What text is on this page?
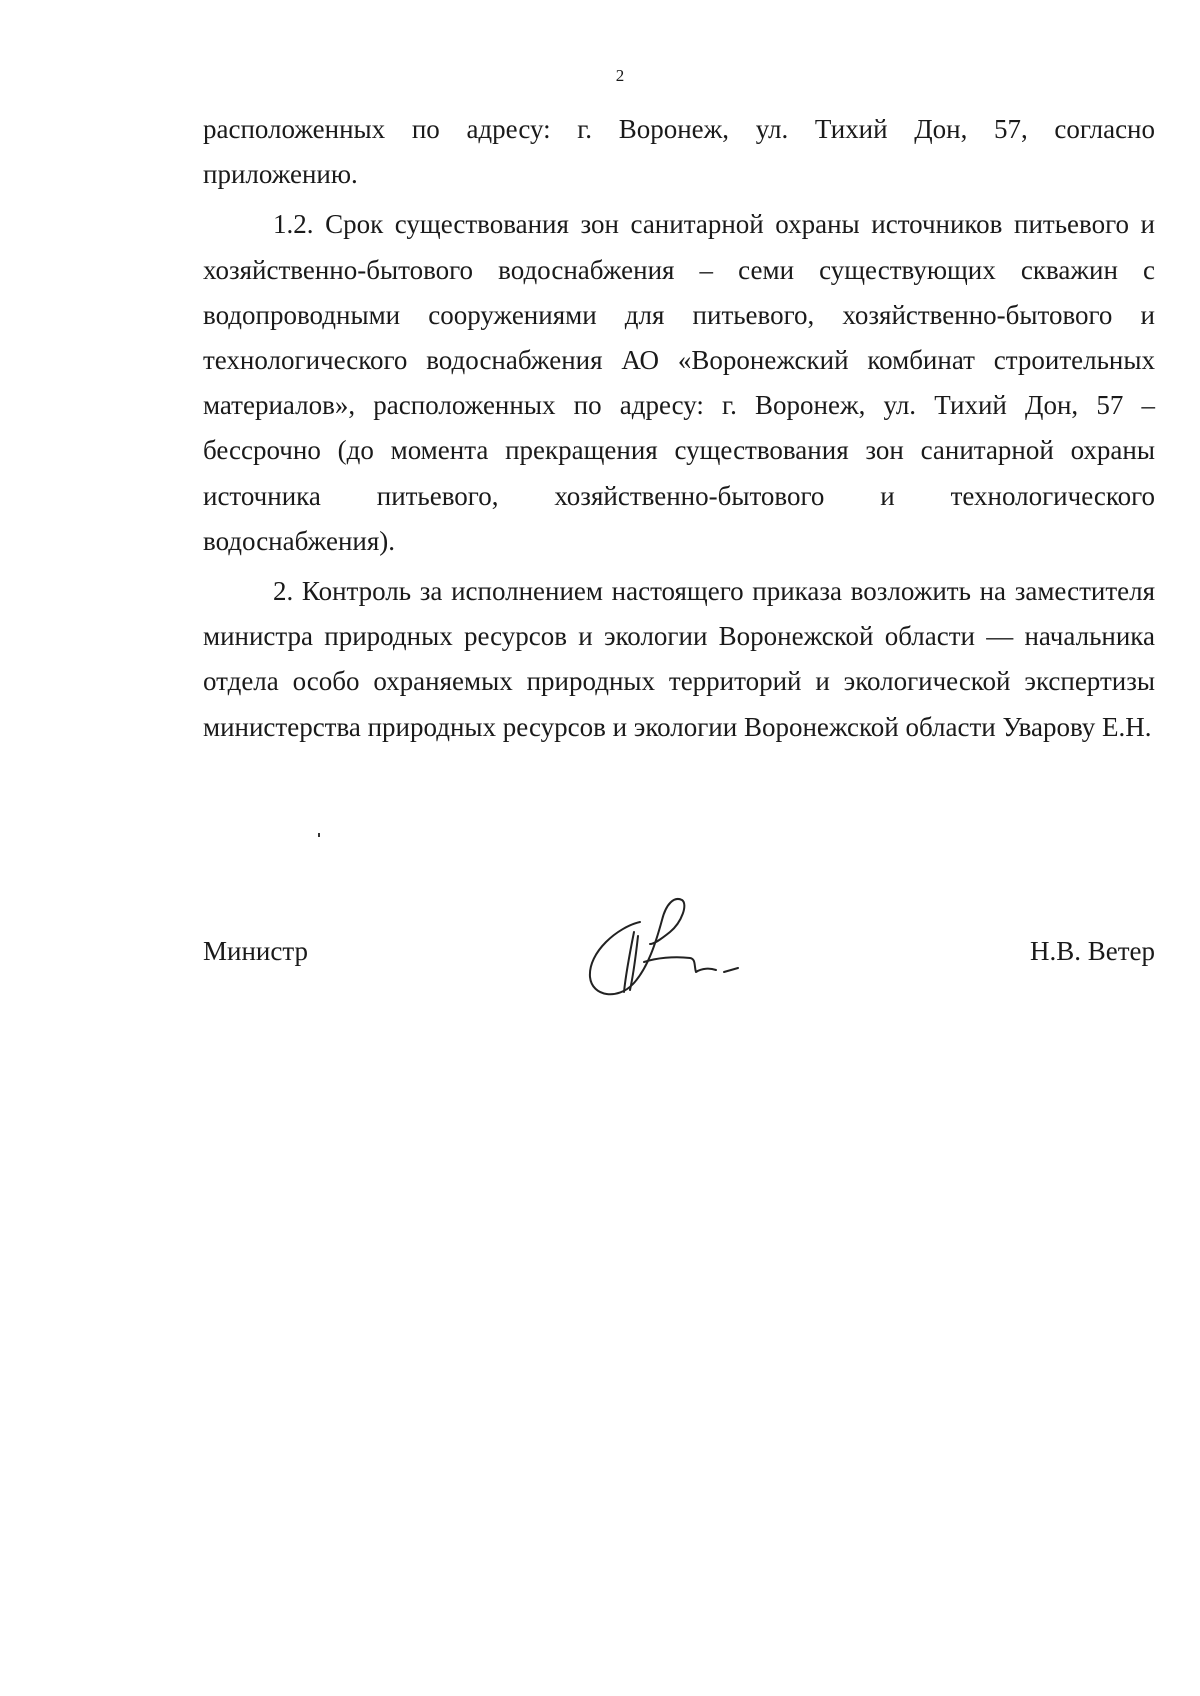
2

расположенных по адресу: г. Воронеж, ул. Тихий Дон, 57, согласно приложению.

1.2. Срок существования зон санитарной охраны источников питьевого и хозяйственно-бытового водоснабжения – семи существующих скважин с водопроводными сооружениями для питьевого, хозяйственно-бытового и технологического водоснабжения АО «Воронежский комбинат строительных материалов», расположенных по адресу: г. Воронеж, ул. Тихий Дон, 57 – бессрочно (до момента прекращения существования зон санитарной охраны источника питьевого, хозяйственно-бытового и технологического водоснабжения).

2. Контроль за исполнением настоящего приказа возложить на заместителя министра природных ресурсов и экологии Воронежской области — начальника отдела особо охраняемых природных территорий и экологической экспертизы министерства природных ресурсов и экологии Воронежской области Уварову Е.Н.

Министр	Н.В. Ветер
